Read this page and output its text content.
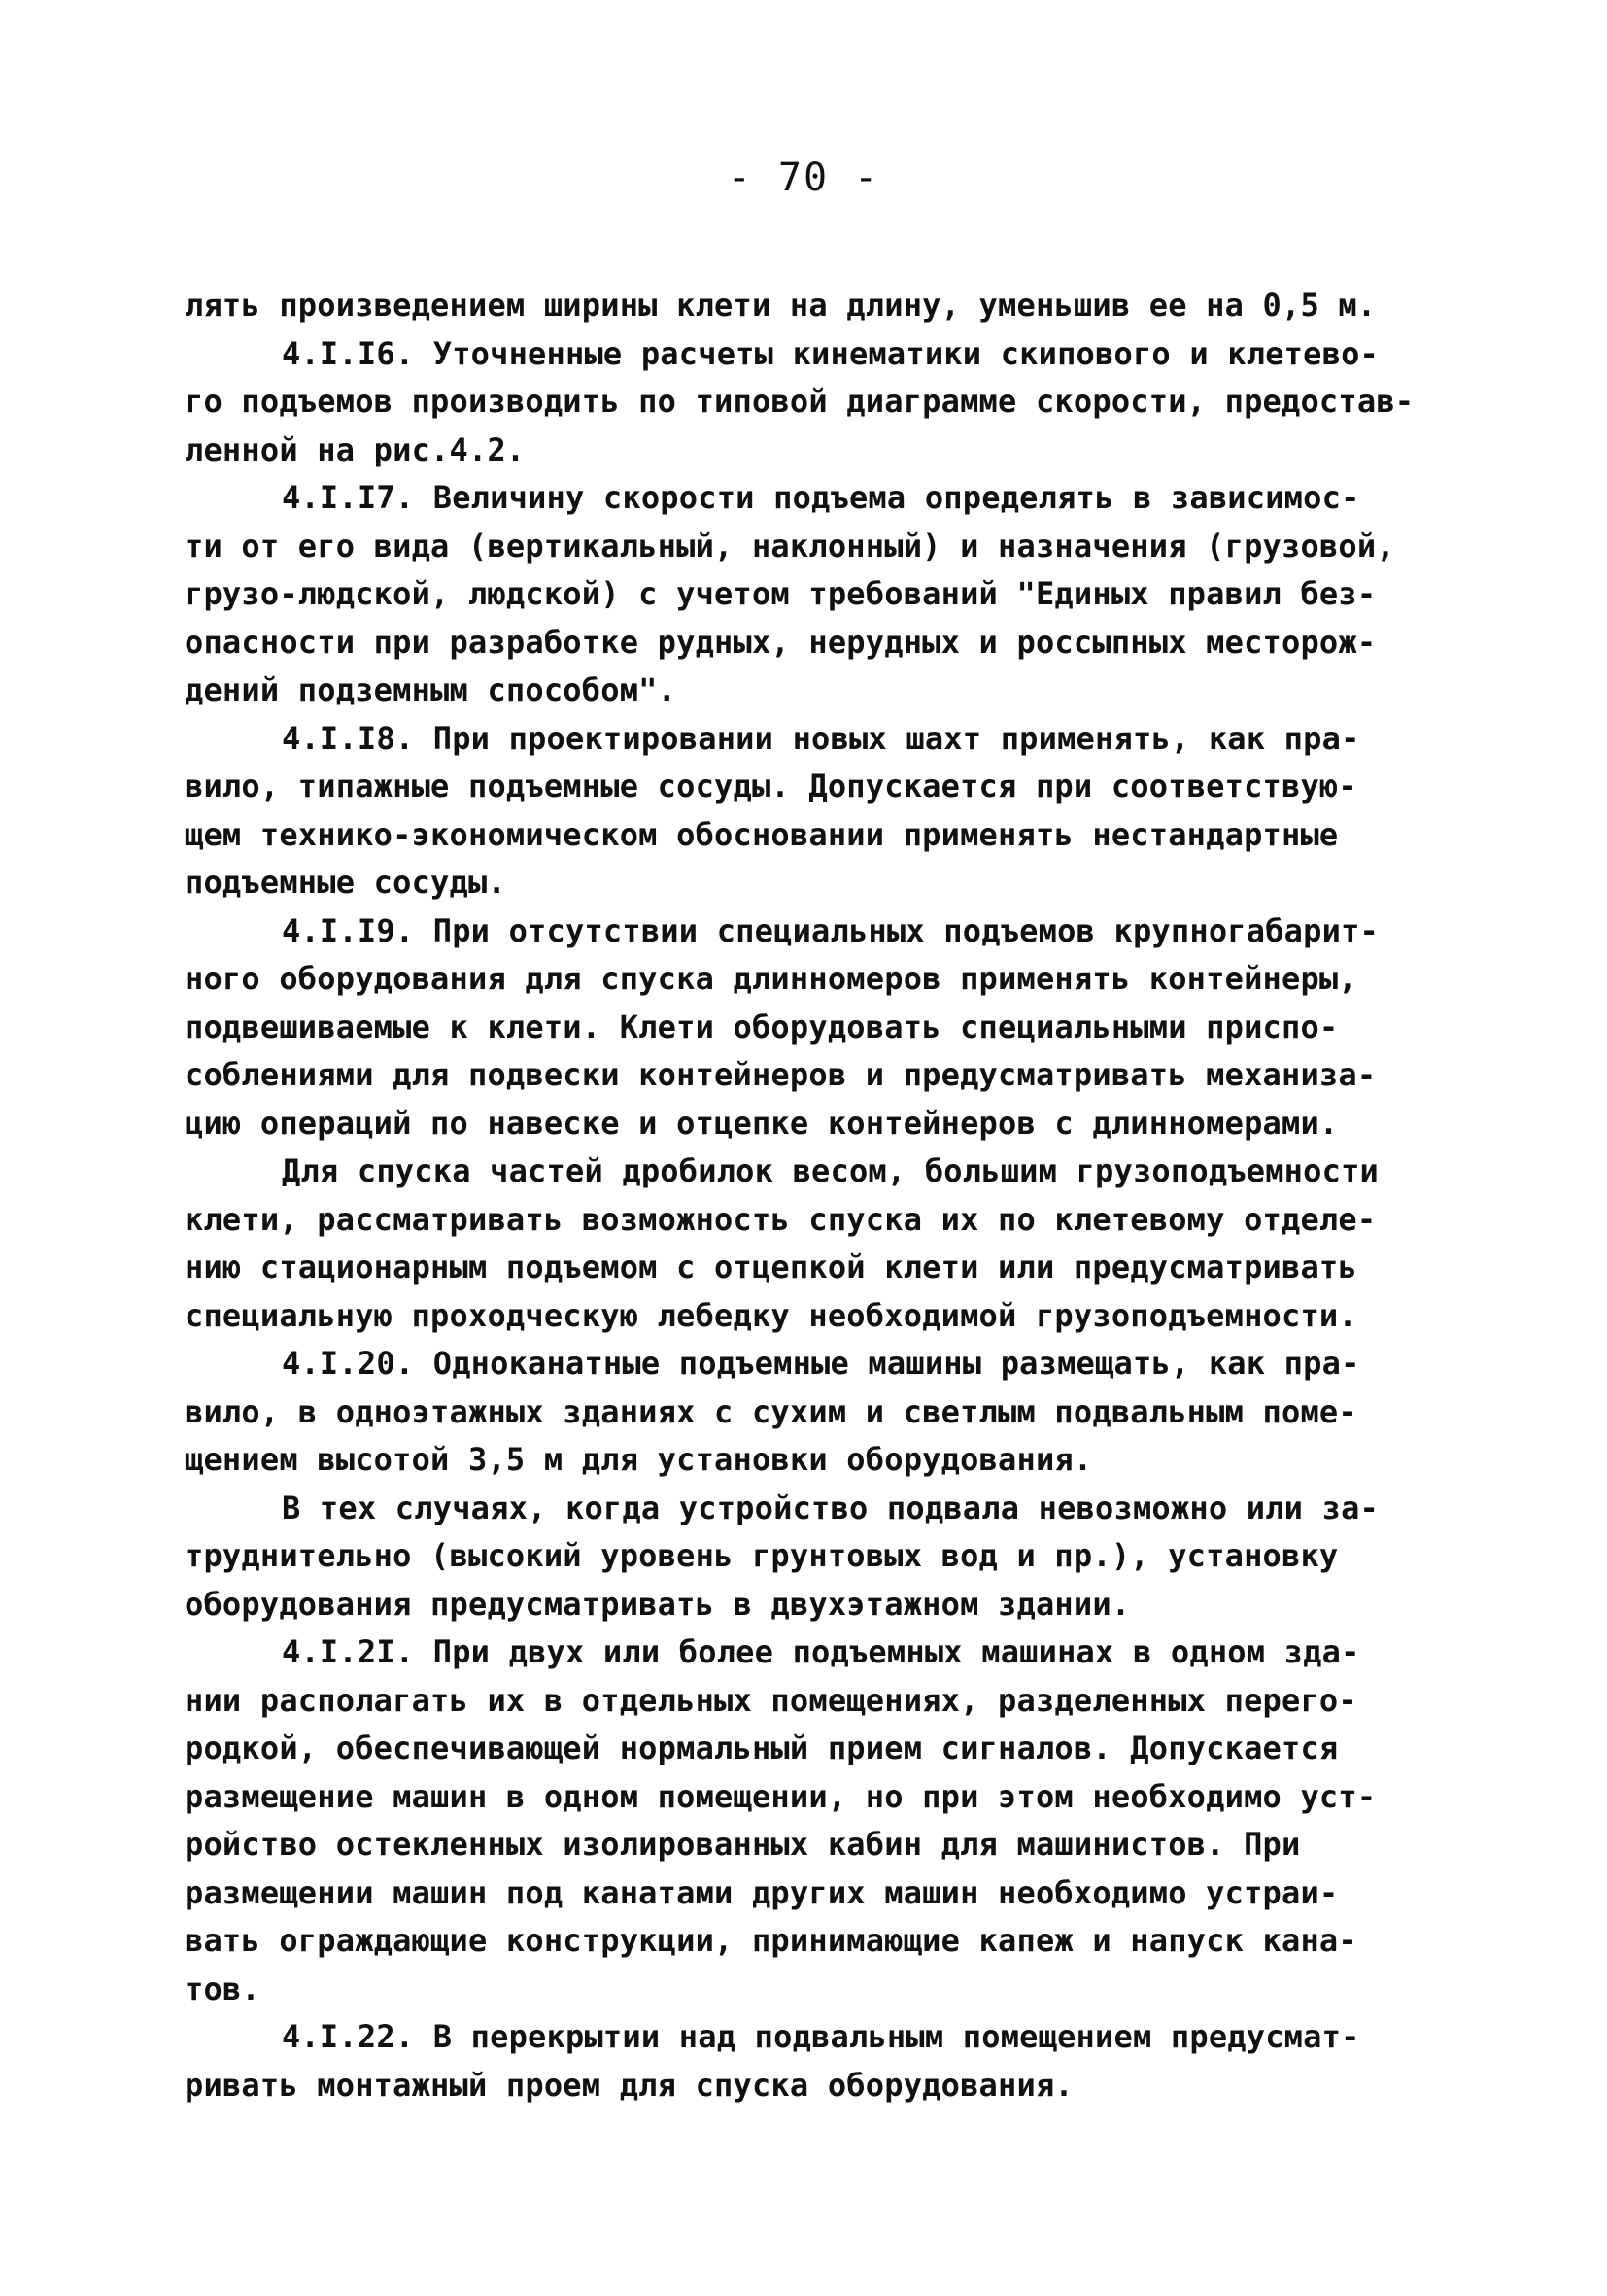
- 70 -

лять произведением ширины клети на длину, уменьшив ее на 0,5 м.

4.I.I6. Уточненные расчеты кинематики скипового и клетево-
го подъемов производить по типовой диаграмме скорости, предостав-
ленной на рис.4.2.

4.I.I7. Величину скорости подъема определять в зависимос-
ти от его вида (вертикальный, наклонный) и назначения (грузовой,
грузо-людской, людской) с учетом требований "Единых правил без-
опасности при разработке рудных, нерудных и россыпных месторож-
дений подземным способом".

4.I.I8. При проектировании новых шахт применять, как пра-
вило, типажные подъемные сосуды. Допускается при соответствую-
щем технико-экономическом обосновании применять нестандартные
подъемные сосуды.

4.I.I9. При отсутствии специальных подъемов крупногабарит-
ного оборудования для спуска длинномеров применять контейнеры,
подвешиваемые к клети. Клети оборудовать специальными приспо-
соблениями для подвески контейнеров и предусматривать механиза-
цию операций по навеске и отцепке контейнеров с длинномерами.

Для спуска частей дробилок весом, большим грузоподъемности
клети, рассматривать возможность спуска их по клетевому отделе-
нию стационарным подъемом с отцепкой клети или предусматривать
специальную проходческую лебедку необходимой грузоподъемности.

4.I.20. Одноканатные подъемные машины размещать, как пра-
вило, в одноэтажных зданиях с сухим и светлым подвальным поме-
щением высотой 3,5 м для установки оборудования.

В тех случаях, когда устройство подвала невозможно или за-
труднительно (высокий уровень грунтовых вод и пр.), установку
оборудования предусматривать в двухэтажном здании.

4.I.2I. При двух или более подъемных машинах в одном зда-
нии располагать их в отдельных помещениях, разделенных перего-
родкой, обеспечивающей нормальный прием сигналов. Допускается
размещение машин в одном помещении, но при этом необходимо уст-
ройство остекленных изолированных кабин для машинистов. При
размещении машин под канатами других машин необходимо устраи-
вать ограждающие конструкции, принимающие капеж и напуск кана-
тов.

4.I.22. В перекрытии над подвальным помещением предусмат-
ривать монтажный проем для спуска оборудования.
